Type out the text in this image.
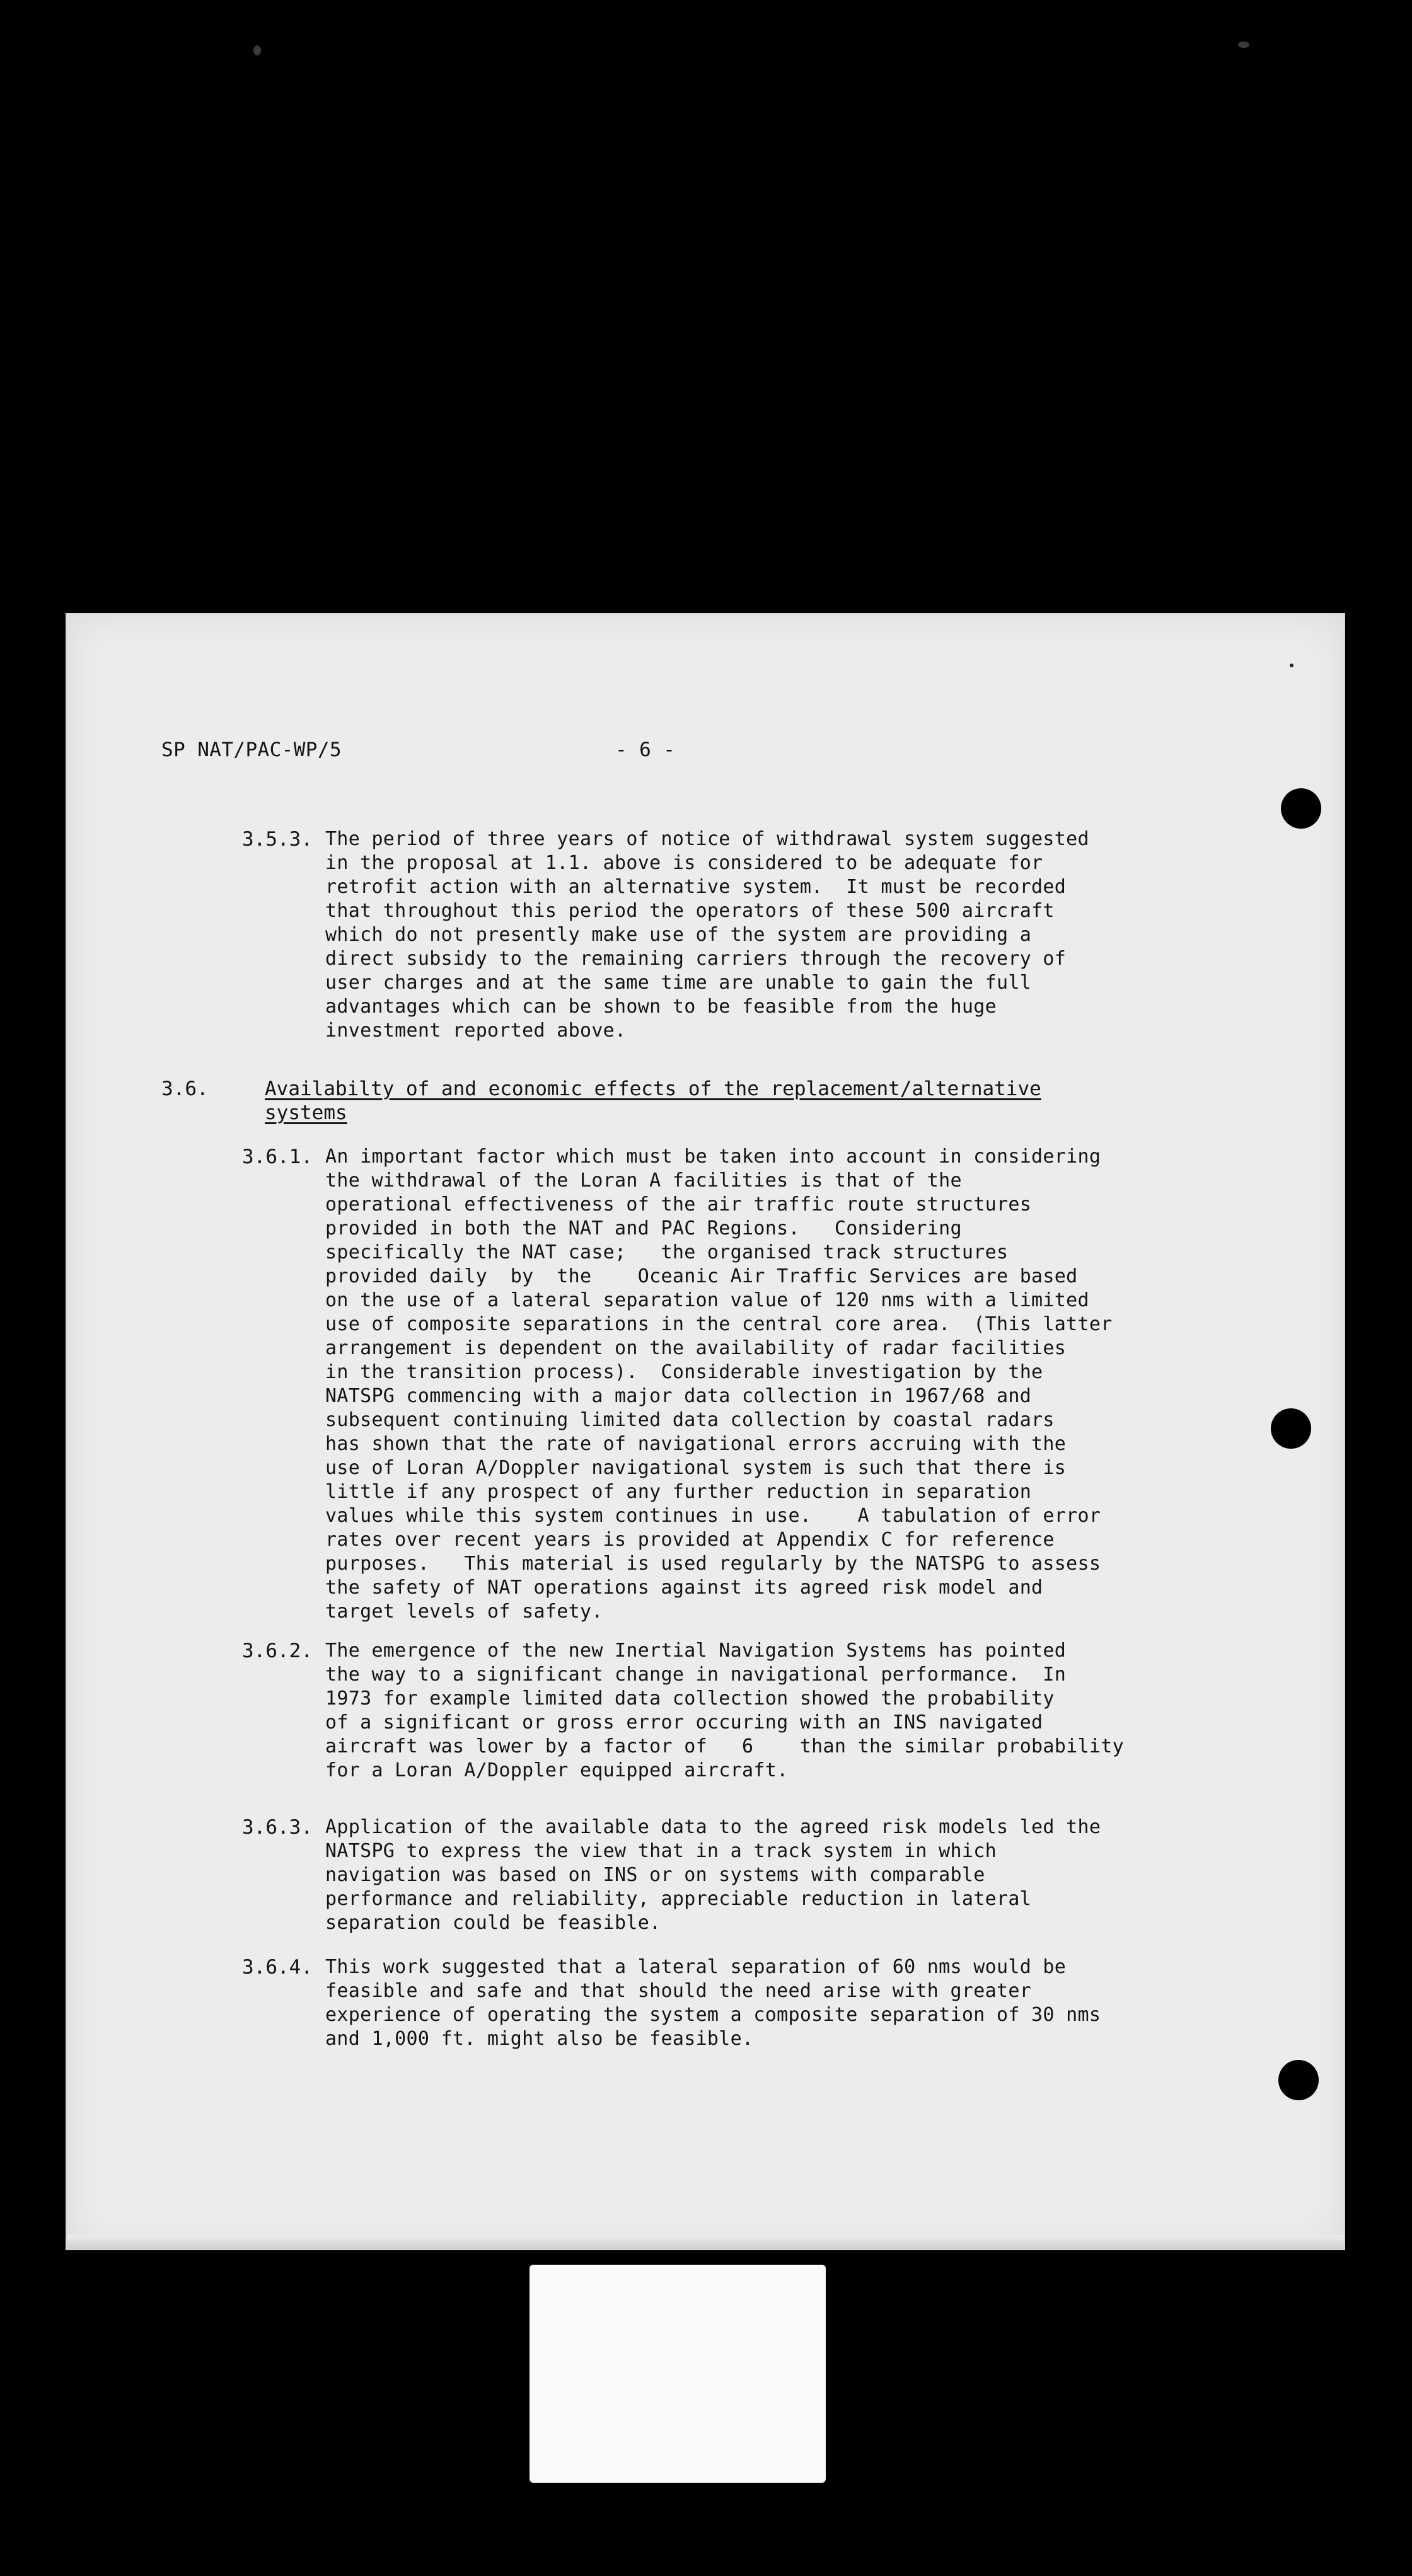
SP NAT/PAC-WP/5	- 6 -
3.5.3. The period of three years of notice of withdrawal system suggested
in the proposal at 1.1. above is considered to be adequate for
retrofit action with an alternative system.  It must be recorded
that throughout this period the operators of these 500 aircraft
which do not presently make use of the system are providing a
direct subsidy to the remaining carriers through the recovery of
user charges and at the same time are unable to gain the full
advantages which can be shown to be feasible from the huge
investment reported above.
3.6.	Availabilty of and economic effects of the replacement/alternative
systems
3.6.1. An important factor which must be taken into account in considering
the withdrawal of the Loran A facilities is that of the
operational effectiveness of the air traffic route structures
provided in both the NAT and PAC Regions.   Considering
specifically the NAT case;   the organised track structures
provided daily  by  the    Oceanic Air Traffic Services are based
on the use of a lateral separation value of 120 nms with a limited
use of composite separations in the central core area.  (This latter
arrangement is dependent on the availability of radar facilities
in the transition process).  Considerable investigation by the
NATSPG commencing with a major data collection in 1967/68 and
subsequent continuing limited data collection by coastal radars
has shown that the rate of navigational errors accruing with the
use of Loran A/Doppler navigational system is such that there is
little if any prospect of any further reduction in separation
values while this system continues in use.    A tabulation of error
rates over recent years is provided at Appendix C for reference
purposes.   This material is used regularly by the NATSPG to assess
the safety of NAT operations against its agreed risk model and
target levels of safety.
3.6.2. The emergence of the new Inertial Navigation Systems has pointed
the way to a significant change in navigational performance.  In
1973 for example limited data collection showed the probability
of a significant or gross error occuring with an INS navigated
aircraft was lower by a factor of   6    than the similar probability
for a Loran A/Doppler equipped aircraft.
3.6.3. Application of the available data to the agreed risk models led the
NATSPG to express the view that in a track system in which
navigation was based on INS or on systems with comparable
performance and reliability, appreciable reduction in lateral
separation could be feasible.
3.6.4. This work suggested that a lateral separation of 60 nms would be
feasible and safe and that should the need arise with greater
experience of operating the system a composite separation of 30 nms
and 1,000 ft. might also be feasible.
